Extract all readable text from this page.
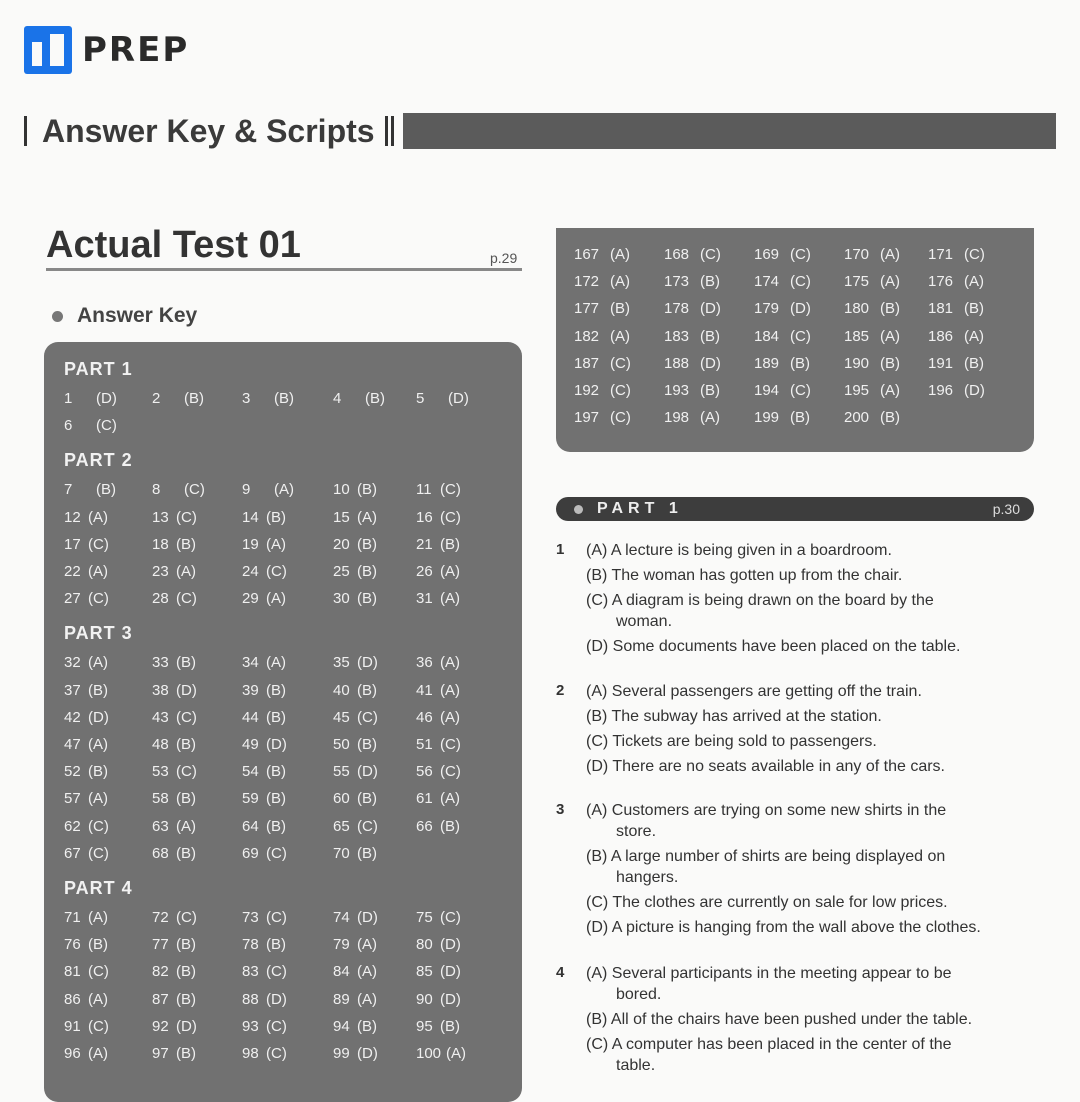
PREP
Answer Key & Scripts
Actual Test 01	p.29
Answer Key
PART 1
1 (D) 2 (B)	3 (B)	4 (B) 5 (D)
6 (C)
PART 2
7 (B) 8 (C) 9 (A)	10 (B)	11 (C)
12 (A)	13 (C)	14 (B)	15 (A)	16 (C)
17 (C)	18 (B)	19 (A)	20 (B)	21 (B)
22 (A)	23 (A)	24 (C)	25 (B)	26 (A)
27 (C)	28 (C)	29 (A)	30 (B)	31 (A)
PART 3
32 (A)	33 (B)	34 (A)	35 (D)	36 (A)
37 (B)	38 (D)	39 (B)	40 (B)	41 (A)
42 (D)	43 (C)	44 (B)	45 (C)	46 (A)
47 (A)	48 (B)	49 (D)	50 (B)	51 (C)
52 (B)	53 (C)	54 (B)	55 (D)	56 (C)
57 (A)	58 (B)	59 (B)	60 (B)	61 (A)
62 (C)	63 (A)	64 (B)	65 (C)	66 (B)
67 (C)	68 (B)	69 (C)	70 (B)
PART 4
71 (A)	72 (C)	73 (C)	74 (D)	75 (C)
76 (B)	77 (B)	78 (B)	79 (A)	80 (D)
81 (C)	82 (B)	83 (C)	84 (A)	85 (D)
86 (A)	87 (B)	88 (D)	89 (A)	90 (D)
91 (C)	92 (D)	93 (C)	94 (B)	95 (B)
96 (A)	97 (B)	98 (C)	99 (D)	100 (A)
167 (A) 168 (C) 169 (C) 170 (A) 171 (C)
172 (A) 173 (B) 174 (C) 175 (A) 176 (A)
177 (B) 178 (D) 179 (D) 180 (B) 181 (B)
182 (A) 183 (B) 184 (C) 185 (A) 186 (A)
187 (C) 188 (D) 189 (B) 190 (B) 191 (B)
192 (C) 193 (B) 194 (C) 195 (A) 196 (D)
197 (C) 198 (A) 199 (B) 200 (B)
PART 1	p.30
1 (A) A lecture is being given in a boardroom.
(B) The woman has gotten up from the chair.
(C) A diagram is being drawn on the board by the
woman.
(D) Some documents have been placed on the table.
2 (A) Several passengers are getting off the train.
(B) The subway has arrived at the station.
(C) Tickets are being sold to passengers.
(D) There are no seats available in any of the cars.
3 (A) Customers are trying on some new shirts in the
store.
(B) A large number of shirts are being displayed on
hangers.
(C) The clothes are currently on sale for low prices.
(D) A picture is hanging from the wall above the clothes.
4 (A) Several participants in the meeting appear to be
bored.
(B) All of the chairs have been pushed under the table.
(C) A computer has been placed in the center of the
table.
